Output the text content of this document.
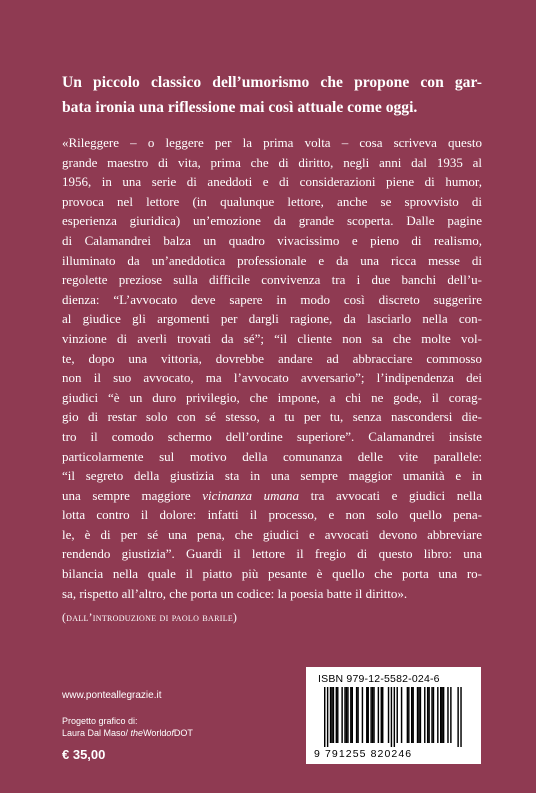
Un piccolo classico dell’umorismo che propone con gar-
bata ironia una riflessione mai così attuale come oggi.
«Rileggere – o leggere per la prima volta – cosa scriveva questo
grande maestro di vita, prima che di diritto, negli anni dal 1935 al
1956, in una serie di aneddoti e di considerazioni piene di humor,
provoca nel lettore (in qualunque lettore, anche se sprovvisto di
esperienza giuridica) un’emozione da grande scoperta. Dalle pagine
di Calamandrei balza un quadro vivacissimo e pieno di realismo,
illuminato da un’aneddotica professionale e da una ricca messe di
regolette preziose sulla difficile convivenza tra i due banchi dell’u-
dienza: “L’avvocato deve sapere in modo così discreto suggerire
al giudice gli argomenti per dargli ragione, da lasciarlo nella con-
vinzione di averli trovati da sé”; “il cliente non sa che molte vol-
te, dopo una vittoria, dovrebbe andare ad abbracciare commosso
non il suo avvocato, ma l’avvocato avversario”; l’indipendenza dei
giudici “è un duro privilegio, che impone, a chi ne gode, il corag-
gio di restar solo con sé stesso, a tu per tu, senza nascondersi die-
tro il comodo schermo dell’ordine superiore”. Calamandrei insiste
particolarmente sul motivo della comunanza delle vite parallele:
“il segreto della giustizia sta in una sempre maggior umanità e in
una sempre maggiore vicinanza umana tra avvocati e giudici nella
lotta contro il dolore: infatti il processo, e non solo quello pena-
le, è di per sé una pena, che giudici e avvocati devono abbreviare
rendendo giustizia”. Guardi il lettore il fregio di questo libro: una
bilancia nella quale il piatto più pesante è quello che porta una ro-
sa, rispetto all’altro, che porta un codice: la poesia batte il diritto».
(dall’introduzione di paolo barile)
www.ponteallegrazie.it
Progetto grafico di:
Laura Dal Maso/ theWorldofDOT
€ 35,00
ISBN 979-12-5582-024-6
9 791255 820246
